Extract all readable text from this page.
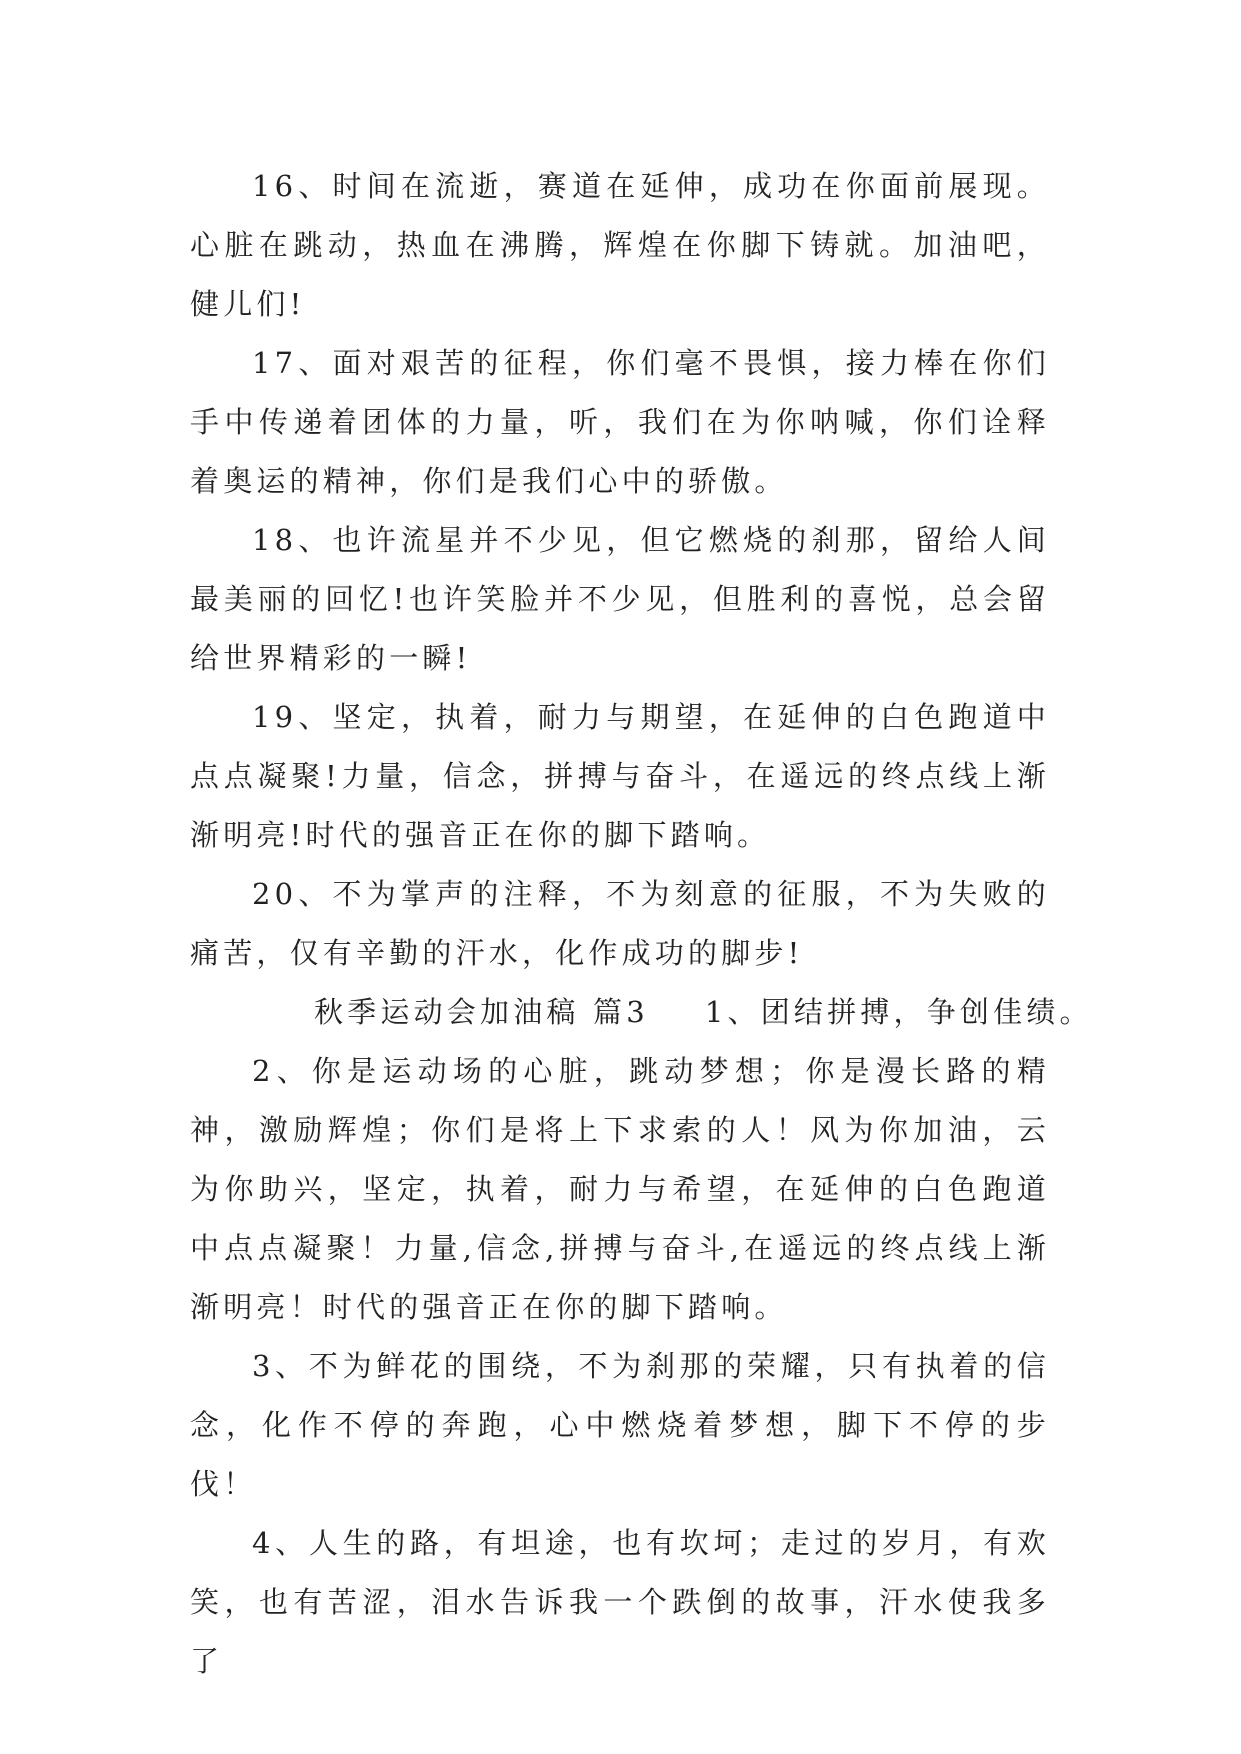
16、时间在流逝，赛道在延伸，成功在你面前展现。心脏在跳动，热血在沸腾，辉煌在你脚下铸就。加油吧，健儿们!

17、面对艰苦的征程，你们毫不畏惧，接力棒在你们手中传递着团体的力量，听，我们在为你呐喊，你们诠释着奥运的精神，你们是我们心中的骄傲。

18、也许流星并不少见，但它燃烧的刹那，留给人间最美丽的回忆!也许笑脸并不少见，但胜利的喜悦，总会留给世界精彩的一瞬!

19、坚定，执着，耐力与期望，在延伸的白色跑道中点点凝聚!力量，信念，拼搏与奋斗，在遥远的终点线上渐渐明亮!时代的强音正在你的脚下踏响。

20、不为掌声的注释，不为刻意的征服，不为失败的痛苦，仅有辛勤的汗水，化作成功的脚步!

秋季运动会加油稿 篇3 1、团结拼搏，争创佳绩。

2、你是运动场的心脏，跳动梦想；你是漫长路的精神，激励辉煌；你们是将上下求索的人！风为你加油，云为你助兴，坚定，执着，耐力与希望，在延伸的白色跑道中点点凝聚！力量,信念,拼搏与奋斗,在遥远的终点线上渐渐明亮！时代的强音正在你的脚下踏响。

3、不为鲜花的围绕，不为刹那的荣耀，只有执着的信念，化作不停的奔跑，心中燃烧着梦想，脚下不停的步伐！

4、人生的路，有坦途，也有坎坷；走过的岁月，有欢笑，也有苦涩，泪水告诉我一个跌倒的故事，汗水使我多了
